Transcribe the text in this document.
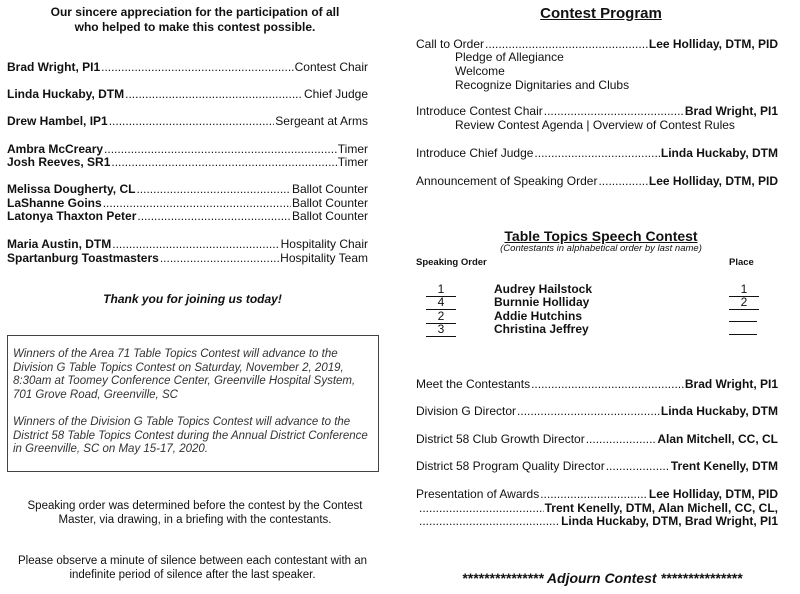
Our sincere appreciation for the participation of all
who helped to make this contest possible.
Brad Wright, PI1 .....	Contest Chair
Linda Huckaby, DTM .....	Chief Judge
Drew Hambel, IP1 .....	Sergeant at Arms
Ambra McCreary .....	Timer
Josh Reeves, SR1 .....	Timer
Melissa Dougherty, CL .....	Ballot Counter
LaShanne Goins .....	Ballot Counter
Latonya Thaxton Peter .....	Ballot Counter
Maria Austin, DTM .....	Hospitality Chair
Spartanburg Toastmasters .....	Hospitality Team
Thank you for joining us today!
Winners of the Area 71 Table Topics Contest will advance to the Division G Table Topics Contest on Saturday, November 2, 2019, 8:30am at Toomey Conference Center, Greenville Hospital System, 701 Grove Road, Greenville, SC
Winners of the Division G Table Topics Contest will advance to the District 58 Table Topics Contest during the Annual District Conference in Greenville, SC on May 15-17, 2020.
Speaking order was determined before the contest by the Contest Master, via drawing, in a briefing with the contestants.
Please observe a minute of silence between each contestant with an indefinite period of silence after the last speaker.
Contest Program
Call to Order .....	Lee Holliday, DTM, PID
Pledge of Allegiance
Welcome
Recognize Dignitaries and Clubs
Introduce Contest Chair .....	Brad Wright, PI1
Review Contest Agenda | Overview of Contest Rules
Introduce Chief Judge .....	Linda Huckaby, DTM
Announcement of Speaking Order .....	Lee Holliday, DTM, PID
Table Topics Speech Contest
(Contestants in alphabetical order by last name)
Speaking Order	Place
1	Audrey Hailstock	1
4	Burnnie Holliday	2
2	Addie Hutchins
3	Christina Jeffrey
Meet the Contestants .....	Brad Wright, PI1
Division G Director .....	Linda Huckaby, DTM
District 58 Club Growth Director .....	Alan Mitchell, CC, CL
District 58 Program Quality Director .....	Trent Kenelly, DTM
Presentation of Awards .....	Lee Holliday, DTM, PID
.....
Trent Kenelly, DTM, Alan Michell, CC, CL,
.....
Linda Huckaby, DTM, Brad Wright, PI1
*************** Adjourn Contest ***************
